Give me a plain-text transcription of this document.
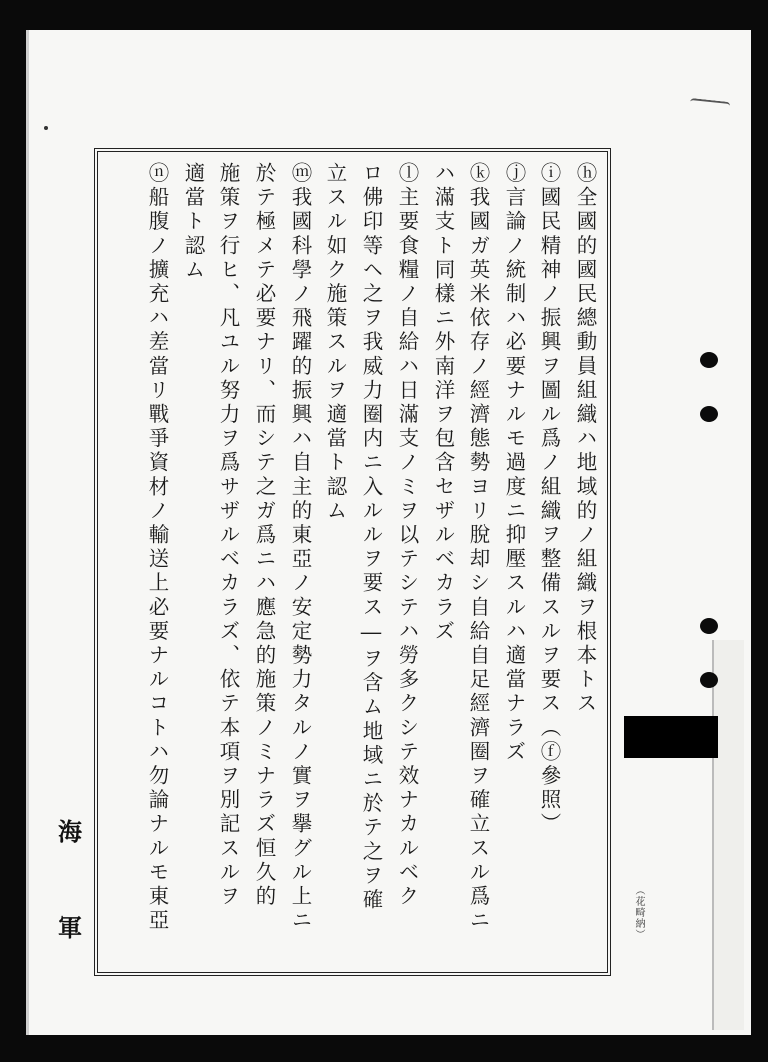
ⓗ全國的國民總動員組織ハ地域的ノ組織ヲ根本トス
ⓘ國民精神ノ振興ヲ圖ル爲ノ組織ヲ整備スルヲ要ス（ⓕ參照）
ⓙ言論ノ統制ハ必要ナルモ過度ニ抑壓スルハ適當ナラズ
ⓚ我國ガ英米依存ノ經濟態勢ヨリ脫却シ自給自足經濟圈ヲ確立スル爲ニ
ハ滿支ト同樣ニ外南洋ヲ包含セザルベカラズ
ⓛ主要食糧ノ自給ハ日滿支ノミヲ以テシテハ勞多クシテ效ナカルベク
ロ佛印等ヘ之ヲ我威力圈内ニ入ルルヲ要ス―ヲ含ム地域ニ於テ之ヲ確
立スル如ク施策スルヲ適當ト認ム
ⓜ我國科學ノ飛躍的振興ハ自主的東亞ノ安定勢力タルノ實ヲ擧グル上ニ
於テ極メテ必要ナリ、而シテ之ガ爲ニハ應急的施策ノミナラズ恒久的
施策ヲ行ヒ、凡ユル努力ヲ爲サザルベカラズ、依テ本項ヲ別記スルヲ
適當ト認ム
ⓝ船腹ノ擴充ハ差當リ戰爭資材ノ輸送上必要ナルコトハ勿論ナルモ東亞
海
軍	（花畸納）
